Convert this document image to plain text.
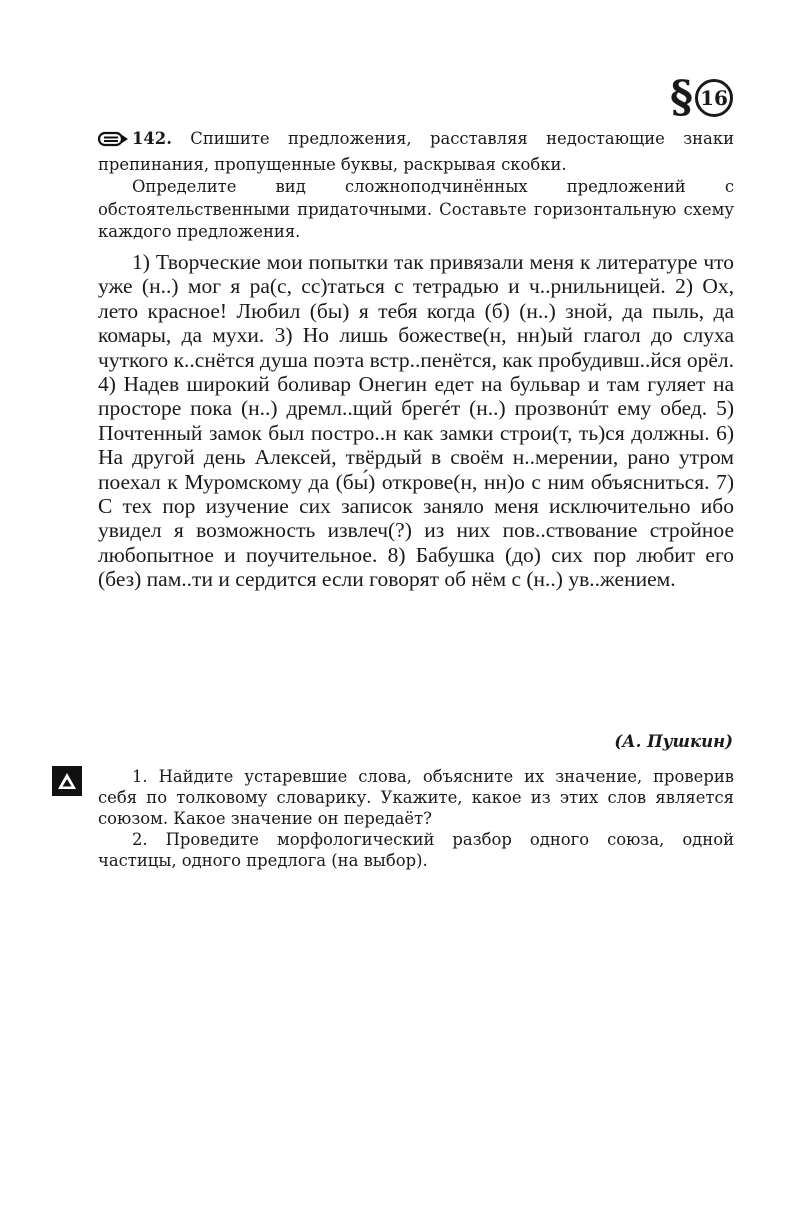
§ 16

142. Спишите предложения, расставляя недостающие знаки препинания, пропущенные буквы, раскрывая скобки.

Определите вид сложноподчинённых предложений с обстоятельственными придаточными. Составьте горизонтальную схему каждого предложения.

1) Творческие мои попытки так привязали меня к литературе что уже (н..) мог я ра(с, сс)таться с тетрадью и ч..рнильницей. 2) Ох, лето красное! Любил (бы) я тебя когда (б) (н..) зной, да пыль, да комары, да мухи. 3) Но лишь божестве(н, нн)ый глагол до слуха чуткого к..снётся душа поэта встр..пенётся, как пробудивш..йся орёл. 4) Надев широкий боливар Онегин едет на бульвар и там гуляет на просторе пока (н..) дремл..щий брегéт (н..) прозвонúт ему обед. 5) Почтенный замок был постро..н как замки строи(т, ть)ся должны. 6) На другой день Алексей, твёрдый в своём н..мерении, рано утром поехал к Муромскому да (бы́) открове(н, нн)о с ним объясниться. 7) С тех пор изучение сих записок заняло меня исключительно ибо увидел я возможность извлеч(?) из них пов..ствование стройное любопытное и поучительное. 8) Бабушка (до) сих пор любит его (без) пам..ти и сердится если говорят об нём с (н..) ув..жением.

(А. Пушкин)

1. Найдите устаревшие слова, объясните их значение, проверив себя по толковому словарику. Укажите, какое из этих слов является союзом. Какое значение он передаёт?

2. Проведите морфологический разбор одного союза, одной частицы, одного предлога (на выбор).
